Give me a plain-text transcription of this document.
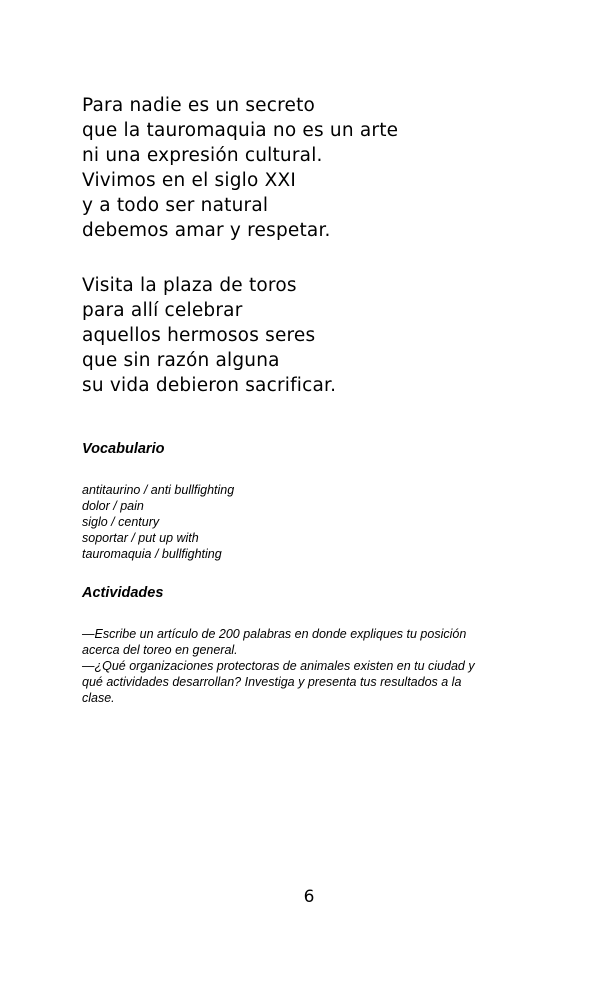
Para nadie es un secreto
que la tauromaquia no es un arte
ni una expresión cultural.
Vivimos en el siglo XXI
y a todo ser natural
debemos amar y respetar.
Visita la plaza de toros
para allí celebrar
aquellos hermosos seres
que sin razón alguna
su vida debieron sacrificar.
Vocabulario
antitaurino / anti bullfighting
dolor / pain
siglo / century
soportar / put up with
tauromaquia / bullfighting
Actividades
—Escribe un artículo de 200 palabras en donde expliques tu posición
acerca del toreo en general.
—¿Qué organizaciones protectoras de animales existen en tu ciudad y
qué actividades desarrollan? Investiga y presenta tus resultados a la
clase.
6
